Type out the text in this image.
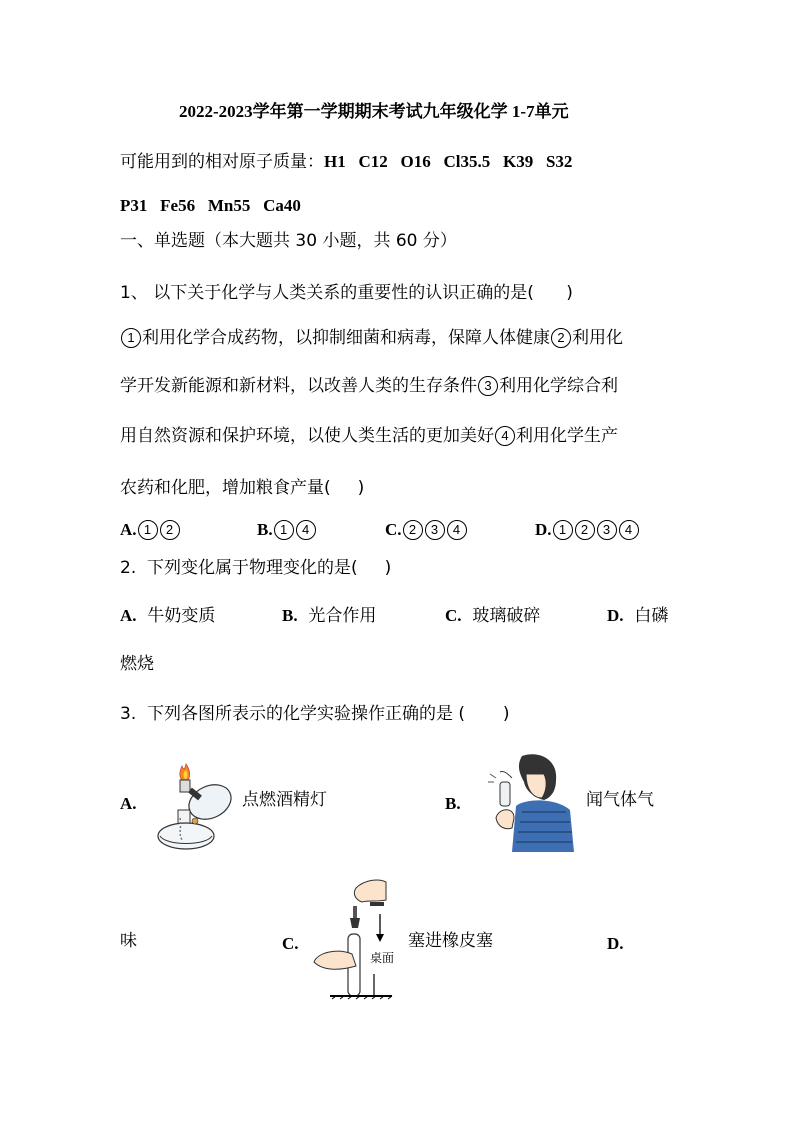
2022-2023学年第一学期期末考试九年级化学 1-7单元
可能用到的相对原子质量：H1   C12   O16   Cl35.5   K39   S32
P31   Fe56   Mn55   Ca40
一、单选题（本大题共 30 小题，共 60 分）
1、 以下关于化学与人类关系的重要性的认识正确的是(      )
1 利用化学合成药物，以抑制细菌和病毒，保障人体健康 2 利用化
学开发新能源和新材料，以改善人类的生存条件 3 利用化学综合利
用自然资源和保护环境，以使人类生活的更加美好 4 利用化学生产
农药和化肥，增加粮食产量(     )
A. 1 2	B. 1 4	C. 2 3 4	D. 1 2 3 4
2.  下列变化属于物理变化的是(     )
A. 牛奶变质	B. 光合作用	C. 玻璃破碎	D. 白磷
燃烧
3.  下列各图所表示的化学实验操作正确的是 (       )
A.	点燃酒精灯	B.	闻气体气
味	C.
桌面
塞进橡皮塞	D.
